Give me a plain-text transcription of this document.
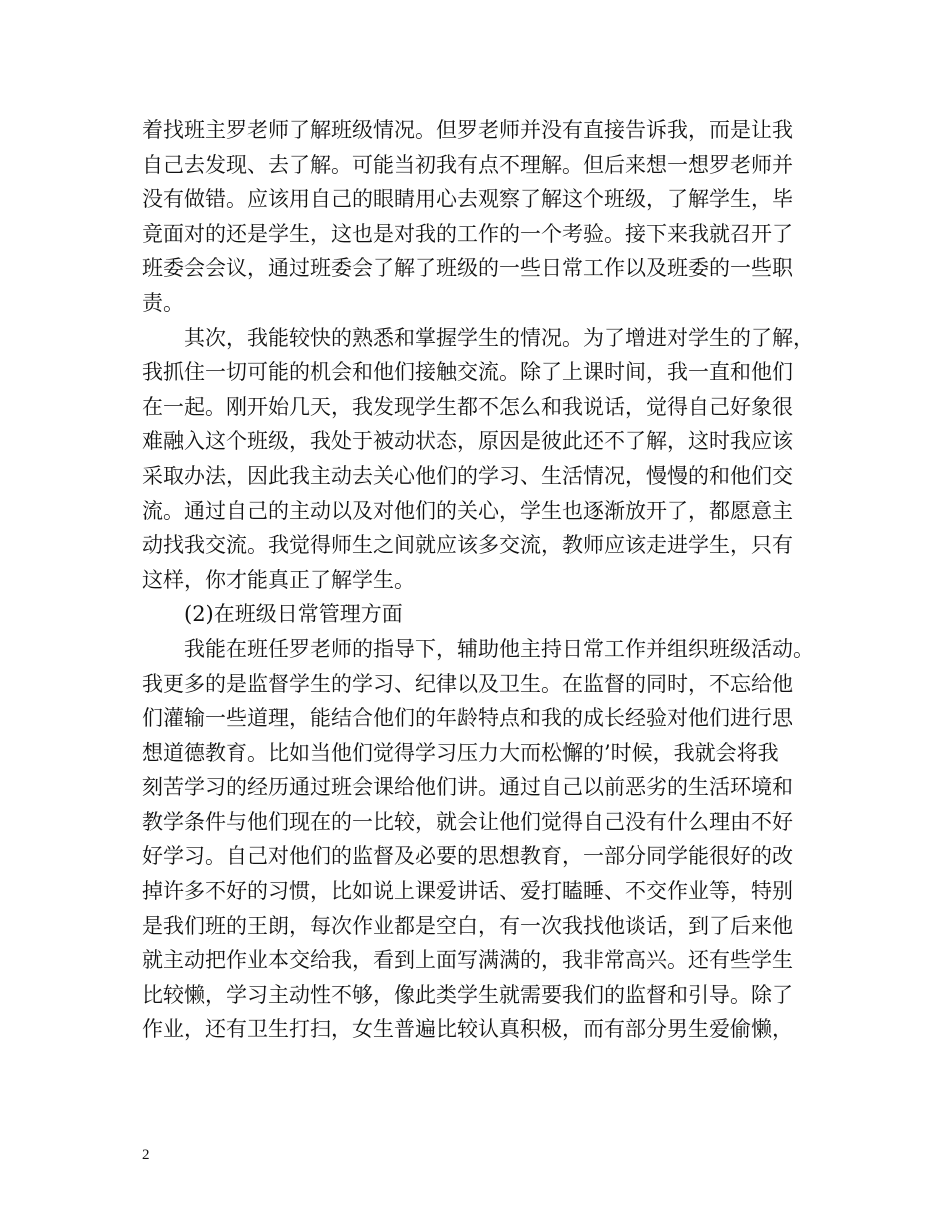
着找班主罗老师了解班级情况。但罗老师并没有直接告诉我，而是让我
自己去发现、去了解。可能当初我有点不理解。但后来想一想罗老师并
没有做错。应该用自己的眼睛用心去观察了解这个班级，了解学生，毕
竟面对的还是学生，这也是对我的工作的一个考验。接下来我就召开了
班委会会议，通过班委会了解了班级的一些日常工作以及班委的一些职
责。
其次，我能较快的熟悉和掌握学生的情况。为了增进对学生的了解，
我抓住一切可能的机会和他们接触交流。除了上课时间，我一直和他们
在一起。刚开始几天，我发现学生都不怎么和我说话，觉得自己好象很
难融入这个班级，我处于被动状态，原因是彼此还不了解，这时我应该
采取办法，因此我主动去关心他们的学习、生活情况，慢慢的和他们交
流。通过自己的主动以及对他们的关心，学生也逐渐放开了，都愿意主
动找我交流。我觉得师生之间就应该多交流，教师应该走进学生，只有
这样，你才能真正了解学生。
(2)在班级日常管理方面
我能在班任罗老师的指导下，辅助他主持日常工作并组织班级活动。
我更多的是监督学生的学习、纪律以及卫生。在监督的同时，不忘给他
们灌输一些道理，能结合他们的年龄特点和我的成长经验对他们进行思
想道德教育。比如当他们觉得学习压力大而松懈的’时候，我就会将我
刻苦学习的经历通过班会课给他们讲。通过自己以前恶劣的生活环境和
教学条件与他们现在的一比较，就会让他们觉得自己没有什么理由不好
好学习。自己对他们的监督及必要的思想教育，一部分同学能很好的改
掉许多不好的习惯，比如说上课爱讲话、爱打瞌睡、不交作业等，特别
是我们班的王朗，每次作业都是空白，有一次我找他谈话，到了后来他
就主动把作业本交给我，看到上面写满满的，我非常高兴。还有些学生
比较懒，学习主动性不够，像此类学生就需要我们的监督和引导。除了
作业，还有卫生打扫，女生普遍比较认真积极，而有部分男生爱偷懒，
2
